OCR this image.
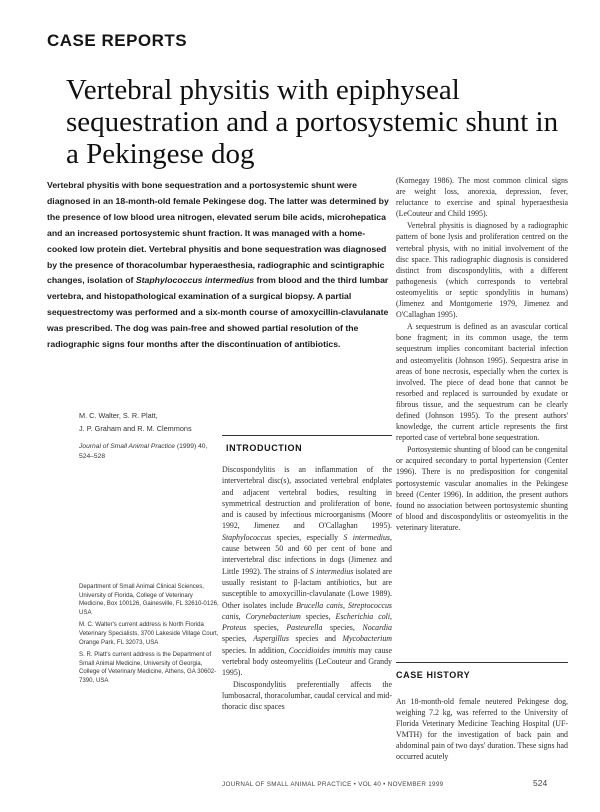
CASE REPORTS
Vertebral physitis with epiphyseal sequestration and a portosystemic shunt in a Pekingese dog
Vertebral physitis with bone sequestration and a portosystemic shunt were diagnosed in an 18-month-old female Pekingese dog. The latter was determined by the presence of low blood urea nitrogen, elevated serum bile acids, microhepatica and an increased portosystemic shunt fraction. It was managed with a home-cooked low protein diet. Vertebral physitis and bone sequestration was diagnosed by the presence of thoracolumbar hyperaesthesia, radiographic and scintigraphic changes, isolation of Staphylococcus intermedius from blood and the third lumbar vertebra, and histopathological examination of a surgical biopsy. A partial sequestrectomy was performed and a six-month course of amoxycillin-clavulanate was prescribed. The dog was pain-free and showed partial resolution of the radiographic signs four months after the discontinuation of antibiotics.

(Kornegay 1986). The most common clinical signs are weight loss, anorexia, depression, fever, reluctance to exercise and spinal hyperaesthesia (LeCouteur and Child 1995).

Vertebral physitis is diagnosed by a radiographic pattern of bone lysis and proliferation centred on the vertebral physis, with no initial involvement of the disc space. This radiographic diagnosis is considered distinct from discospondylitis, with a different pathogenesis (which corresponds to vertebral osteomyelitis or septic spondylitis in humans) (Jimenez and Montgomerie 1979, Jimenez and O'Callaghan 1995).

A sequestrum is defined as an avascular cortical bone fragment; in its common usage, the term sequestrum implies concomitant bacterial infection and osteomyelitis (Johnson 1995). Sequestra arise in areas of bone necrosis, especially when the cortex is involved. The piece of dead bone that cannot be resorbed and replaced is surrounded by exudate or fibrous tissue, and the sequestrum can be clearly defined (Johnson 1995). To the present authors' knowledge, the current article represents the first reported case of vertebral bone sequestration.

Portosystemic shunting of blood can be congenital or acquired secondary to portal hypertension (Center 1996). There is no predisposition for congenital portosystemic vascular anomalies in the Pekingese breed (Center 1996). In addition, the present authors found no association between portosystemic shunting of blood and discospondylitis or osteomyelitis in the veterinary literature.

M. C. Walter, S. R. Platt,
J. P. Graham and R. M. Clemmons
Journal of Small Animal Practice (1999) 40, 524–528

Department of Small Animal Clinical Sciences, University of Florida, College of Veterinary Medicine, Box 100126, Gainesville, FL 32610-0126, USA

M. C. Walter's current address is North Florida Veterinary Specialists, 3700 Lakeside Village Court, Orange Park, FL 32073, USA

S. R. Platt's current address is the Department of Small Animal Medicine, University of Georgia, College of Veterinary Medicine, Athens, GA 30602-7390, USA

INTRODUCTION

Discospondylitis is an inflammation of the intervertebral disc(s), associated vertebral endplates and adjacent vertebral bodies, resulting in symmetrical destruction and proliferation of bone, and is caused by infectious microorganisms (Moore 1992, Jimenez and O'Callaghan 1995). Staphylococcus species, especially S intermedius, cause between 50 and 60 per cent of bone and intervertebral disc infections in dogs (Jimenez and Little 1992). The strains of S intermedius isolated are usually resistant to β-lactam antibiotics, but are susceptible to amoxycillin-clavulanate (Lowe 1989). Other isolates include Brucella canis, Streptococcus canis, Corynebacterium species, Escherichia coli, Proteus species, Pasteurella species, Nocardia species, Aspergillus species and Mycobacterium species. In addition, Coccidioides immitis may cause vertebral body osteomyelitis (LeCouteur and Grandy 1995).

Discospondylitis preferentially affects the lumbosacral, thoracolumbar, caudal cervical and mid-thoracic disc spaces

CASE HISTORY
An 18-month-old female neutered Pekingese dog, weighing 7.2 kg, was referred to the University of Florida Veterinary Medicine Teaching Hospital (UF-VMTH) for the investigation of back pain and abdominal pain of two days' duration. These signs had occurred acutely
JOURNAL OF SMALL ANIMAL PRACTICE • VOL 40 • NOVEMBER 1999	524
